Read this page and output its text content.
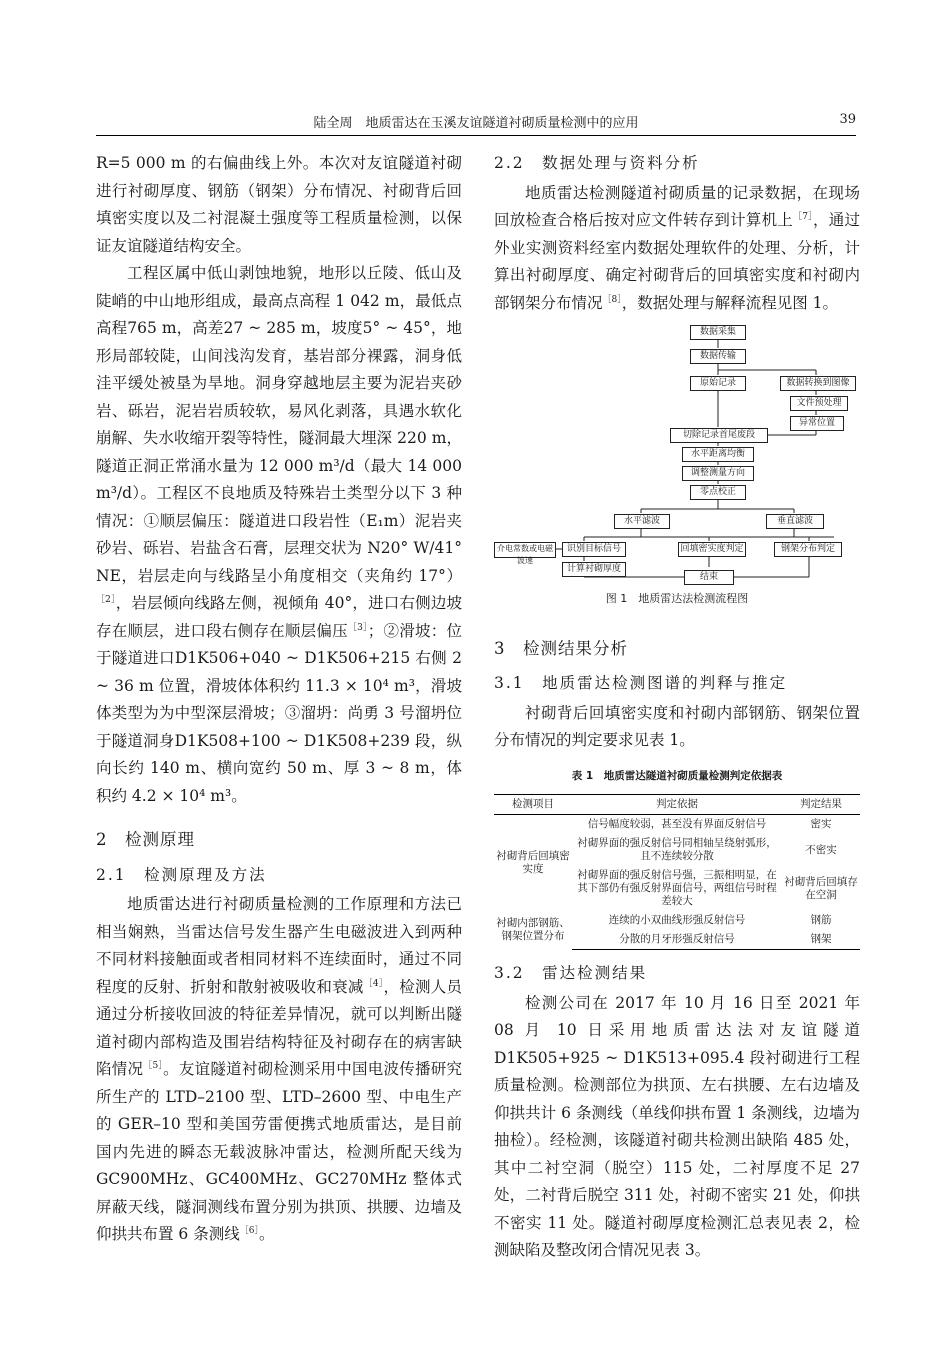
陆全周　地质雷达在玉溪友谊隧道衬砌质量检测中的应用	39

R=5 000 m 的右偏曲线上外。本次对友谊隧道衬砌进行衬砌厚度、钢筋（钢架）分布情况、衬砌背后回填密实度以及二衬混凝土强度等工程质量检测，以保证友谊隧道结构安全。

工程区属中低山剥蚀地貌，地形以丘陵、低山及陡峭的中山地形组成，最高点高程 1 042 m，最低点高程765 m，高差27 ~ 285 m，坡度5° ~ 45°，地形局部较陡，山间浅沟发育，基岩部分裸露，洞身低洼平缓处被垦为旱地。洞身穿越地层主要为泥岩夹砂岩、砾岩，泥岩岩质较软，易风化剥落，具遇水软化崩解、失水收缩开裂等特性，隧洞最大埋深 220 m，隧道正洞正常涌水量为 12 000 m³/d（最大 14 000 m³/d）。工程区不良地质及特殊岩土类型分以下 3 种情况：①顺层偏压：隧道进口段岩性（E₁m）泥岩夹砂岩、砾岩、岩盐含石膏，层理交状为 N20° W/41° NE，岩层走向与线路呈小角度相交（夹角约 17°）$^{[2]}$，岩层倾向线路左侧，视倾角 40°，进口右侧边坡存在顺层，进口段右侧存在顺层偏压$^{[3]}$；②滑坡：位于隧道进口D1K506+040 ~ D1K506+215 右侧 2 ~ 36 m 位置，滑坡体体积约 11.3 × 10⁴ m³，滑坡体类型为为中型深层滑坡；③溜坍：尚勇 3 号溜坍位于隧道洞身D1K508+100 ~ D1K508+239 段，纵向长约 140 m、横向宽约 50 m、厚 3 ~ 8 m，体积约 4.2 × 10⁴ m³。

2　检测原理
2.1　检测原理及方法

地质雷达进行衬砌质量检测的工作原理和方法已相当娴熟，当雷达信号发生器产生电磁波进入到两种不同材料接触面或者相同材料不连续面时，通过不同程度的反射、折射和散射被吸收和衰减$^{[4]}$，检测人员通过分析接收回波的特征差异情况，就可以判断出隧道衬砌内部构造及围岩结构特征及衬砌存在的病害缺陷情况$^{[5]}$。友谊隧道衬砌检测采用中国电波传播研究所生产的 LTD–2100 型、LTD–2600 型、中电生产的 GER–10 型和美国劳雷便携式地质雷达，是目前国内先进的瞬态无载波脉冲雷达，检测所配天线为 GC900MHz、GC400MHz、GC270MHz 整体式屏蔽天线，隧洞测线布置分别为拱顶、拱腰、边墙及仰拱共布置 6 条测线$^{[6]}$。

2.2　数据处理与资料分析

地质雷达检测隧道衬砌质量的记录数据，在现场回放检查合格后按对应文件转存到计算机上$^{[7]}$，通过外业实测资料经室内数据处理软件的处理、分析，计算出衬砌厚度、确定衬砌背后的回填密实度和衬砌内部钢架分布情况$^{[8]}$，数据处理与解释流程见图 1。

数据采集
数据传输
原始记录	数据转换到图像
文件预处理
异常位置
切除记录首尾废段
水平距离均衡
调整测量方向
零点校正
水平滤波	垂直滤波
介电常数或电磁波速
识别目标信号	回填密实度判定	钢架分布判定
计算衬砌厚度
结束
图 1　地质雷达法检测流程图
3　检测结果分析
3.1　地质雷达检测图谱的判释与推定

衬砌背后回填密实度和衬砌内部钢筋、钢架位置分布情况的判定要求见表 1。

表 1　地质雷达隧道衬砌质量检测判定依据表
检测项目	判定依据	判定结果
衬砌背后回填密实度	信号幅度较弱，甚至没有界面反射信号	密实
	衬砌界面的强反射信号同相轴呈绕射弧形，且不连续较分散	不密实
	衬砌界面的强反射信号强，三振相明显，在其下部仍有强反射界面信号，两组信号时程差较大	衬砌背后回填存在空洞
衬砌内部钢筋、钢架位置分布	连续的小双曲线形强反射信号	钢筋
	分散的月牙形强反射信号	钢架
3.2　雷达检测结果

检测公司在 2017 年 10 月 16 日至 2021 年 08 月 10 日采用地质雷达法对友谊隧道D1K505+925 ~ D1K513+095.4 段衬砌进行工程质量检测。检测部位为拱顶、左右拱腰、左右边墙及仰拱共计 6 条测线（单线仰拱布置 1 条测线，边墙为抽检）。经检测，该隧道衬砌共检测出缺陷 485 处，其中二衬空洞（脱空）115 处，二衬厚度不足 27 处，二衬背后脱空 311 处，衬砌不密实 21 处，仰拱不密实 11 处。隧道衬砌厚度检测汇总表见表 2，检测缺陷及整改闭合情况见表 3。
